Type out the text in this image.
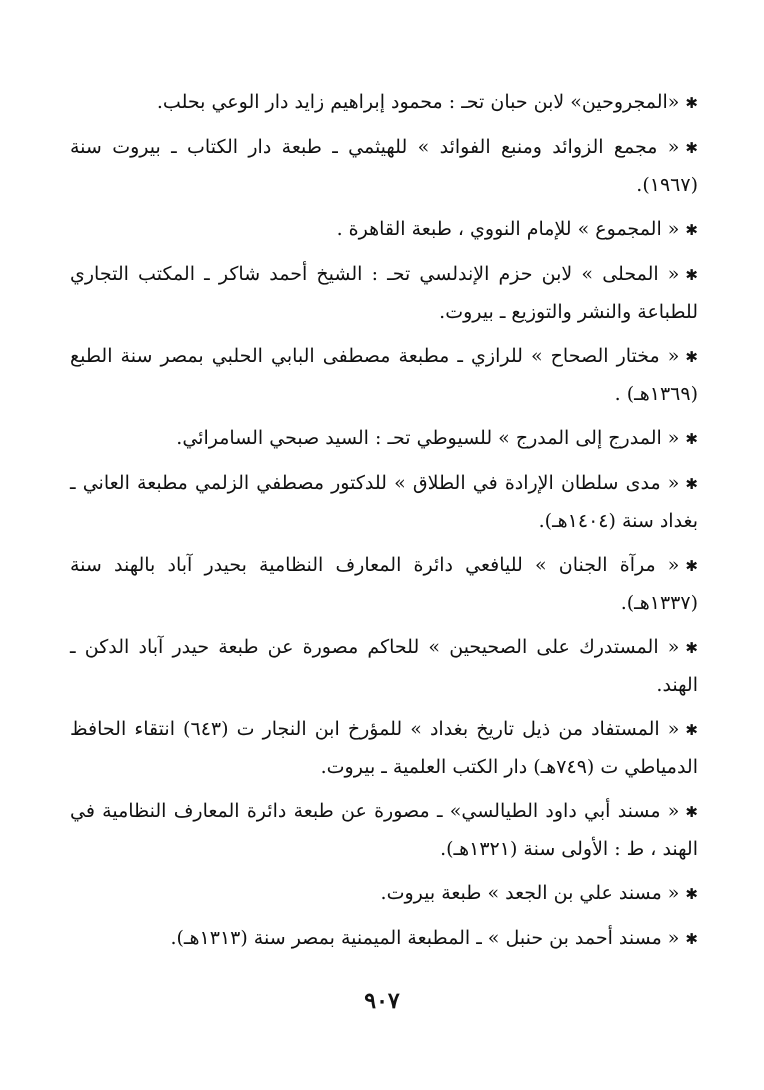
✱«المجروحين» لابن حبان تحـ : محمود إبراهيم زايد دار الوعي بحلب.

✱« مجمع الزوائد ومنبع الفوائد » للهيثمي ـ طبعة دار الكتاب ـ بيروت سنة (١٩٦٧).

✱« المجموع » للإمام النووي ، طبعة القاهرة .

✱« المحلى » لابن حزم الإندلسي تحـ : الشيخ أحمد شاكر ـ المكتب التجاري للطباعة والنشر والتوزيع ـ بيروت.

✱« مختار الصحاح » للرازي ـ مطبعة مصطفى البابي الحلبي بمصر سنة الطبع (١٣٦٩هـ) .

✱« المدرج إلى المدرج » للسيوطي تحـ : السيد صبحي السامرائي.

✱« مدى سلطان الإرادة في الطلاق » للدكتور مصطفي الزلمي مطبعة العاني ـ بغداد سنة (١٤٠٤هـ).

✱« مرآة الجنان » لليافعي دائرة المعارف النظامية بحيدر آباد بالهند سنة (١٣٣٧هـ).

✱« المستدرك على الصحيحين » للحاكم مصورة عن طبعة حيدر آباد الدكن ـ الهند.

✱« المستفاد من ذيل تاريخ بغداد » للمؤرخ ابن النجار ت (٦٤٣) انتقاء الحافظ الدمياطي ت (٧٤٩هـ) دار الكتب العلمية ـ بيروت.

✱« مسند أبي داود الطيالسي» ـ مصورة عن طبعة دائرة المعارف النظامية في الهند ، ط : الأولى سنة (١٣٢١هـ).

✱« مسند علي بن الجعد » طبعة بيروت.

✱« مسند أحمد بن حنبل » ـ المطبعة الميمنية بمصر سنة (١٣١٣هـ).

٩٠٧
